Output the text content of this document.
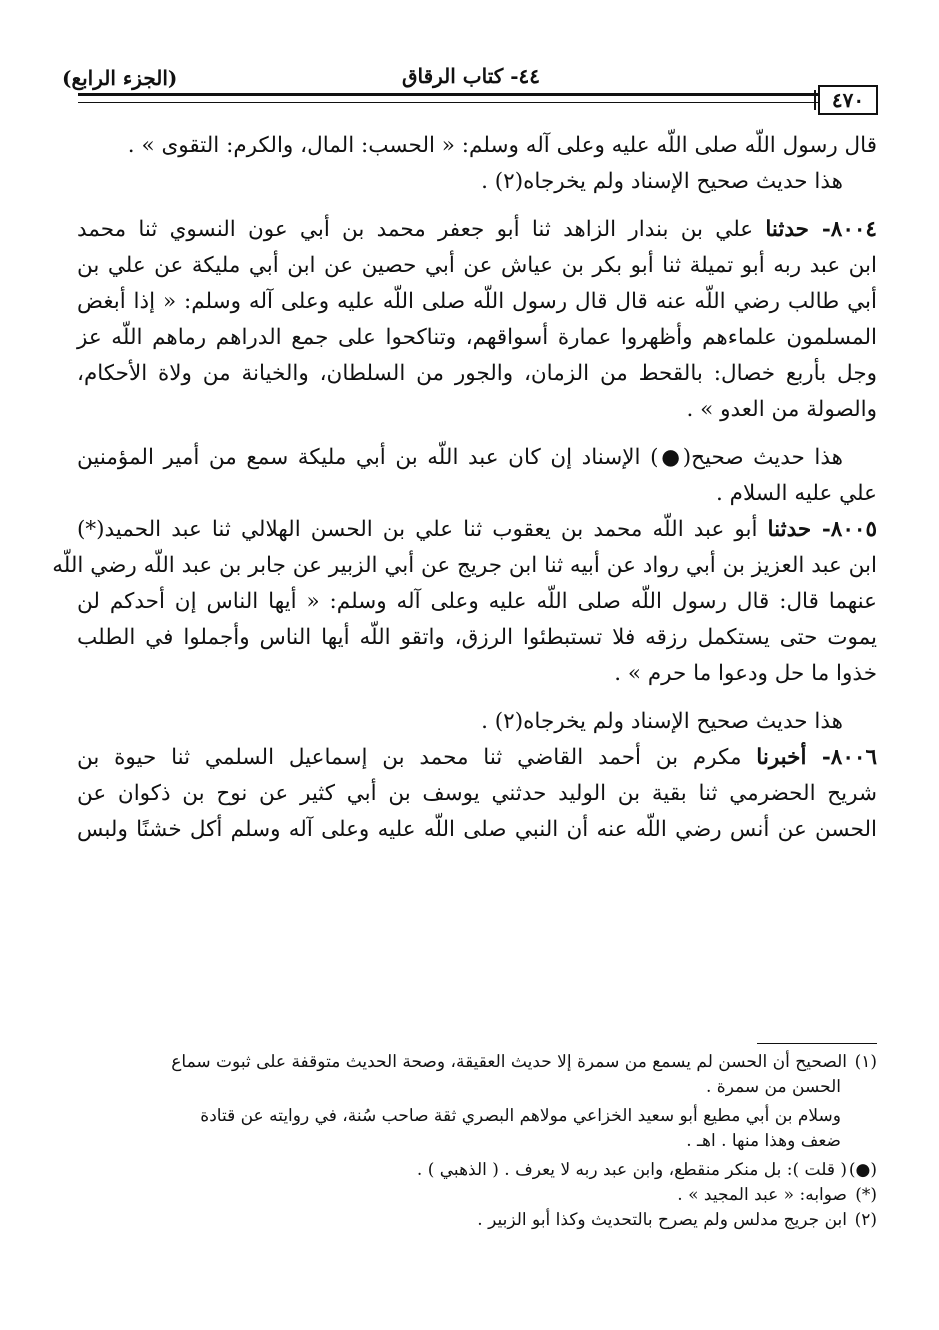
٤٤- كتاب الرقاق
(الجزء الرابع)
٤٧٠
قال رسول اللّه صلى اللّه عليه وعلى آله وسلم: « الحسب: المال، والكرم: التقوى » .
هذا حديث صحيح الإسناد ولم يخرجاه(٢) .
٨٠٠٤- حدثنا علي بن بندار الزاهد ثنا أبو جعفر محمد بن أبي عون النسوي ثنا محمد
ابن عبد ربه أبو تميلة ثنا أبو بكر بن عياش عن أبي حصين عن ابن أبي مليكة عن علي بن
أبي طالب رضي اللّه عنه قال قال رسول اللّه صلى اللّه عليه وعلى آله وسلم: « إذا أبغض
المسلمون علماءهم وأظهروا عمارة أسواقهم، وتناكحوا على جمع الدراهم رماهم اللّه عز
وجل بأربع خصال: بالقحط من الزمان، والجور من السلطان، والخيانة من ولاة الأحكام،
والصولة من العدو » .
هذا حديث صحيح(●) الإسناد إن كان عبد اللّه بن أبي مليكة سمع من أمير المؤمنين
علي عليه السلام .
٨٠٠٥- حدثنا أبو عبد اللّه محمد بن يعقوب ثنا علي بن الحسن الهلالي ثنا عبد الحميد(*)
ابن عبد العزيز بن أبي رواد عن أبيه ثنا ابن جريج عن أبي الزبير عن جابر بن عبد اللّه رضي اللّه
عنهما قال: قال رسول اللّه صلى اللّه عليه وعلى آله وسلم: « أيها الناس إن أحدكم لن
يموت حتى يستكمل رزقه فلا تستبطئوا الرزق، واتقو اللّه أيها الناس وأجملوا في الطلب
خذوا ما حل ودعوا ما حرم » .
هذا حديث صحيح الإسناد ولم يخرجاه(٢) .
٨٠٠٦- أخبرنا مكرم بن أحمد القاضي ثنا محمد بن إسماعيل السلمي ثنا حيوة بن
شريح الحضرمي ثنا بقية بن الوليد حدثني يوسف بن أبي كثير عن نوح بن ذكوان عن
الحسن عن أنس رضي اللّه عنه أن النبي صلى اللّه عليه وعلى آله وسلم أكل خشنًا ولبس
(١)الصحيح أن الحسن لم يسمع من سمرة إلا حديث العقيقة، وصحة الحديث متوقفة على ثبوت سماع
الحسن من سمرة .
وسلام بن أبي مطيع أبو سعيد الخزاعي مولاهم البصري ثقة صاحب سُنة، في روايته عن قتادة
ضعف وهذا منها . اهـ .
(●)( قلت ): بل منكر منقطع، وابن عبد ربه لا يعرف . ( الذهبي ) .
(*)صوابه: « عبد المجيد » .
(٢)ابن جريج مدلس ولم يصرح بالتحديث وكذا أبو الزبير .
